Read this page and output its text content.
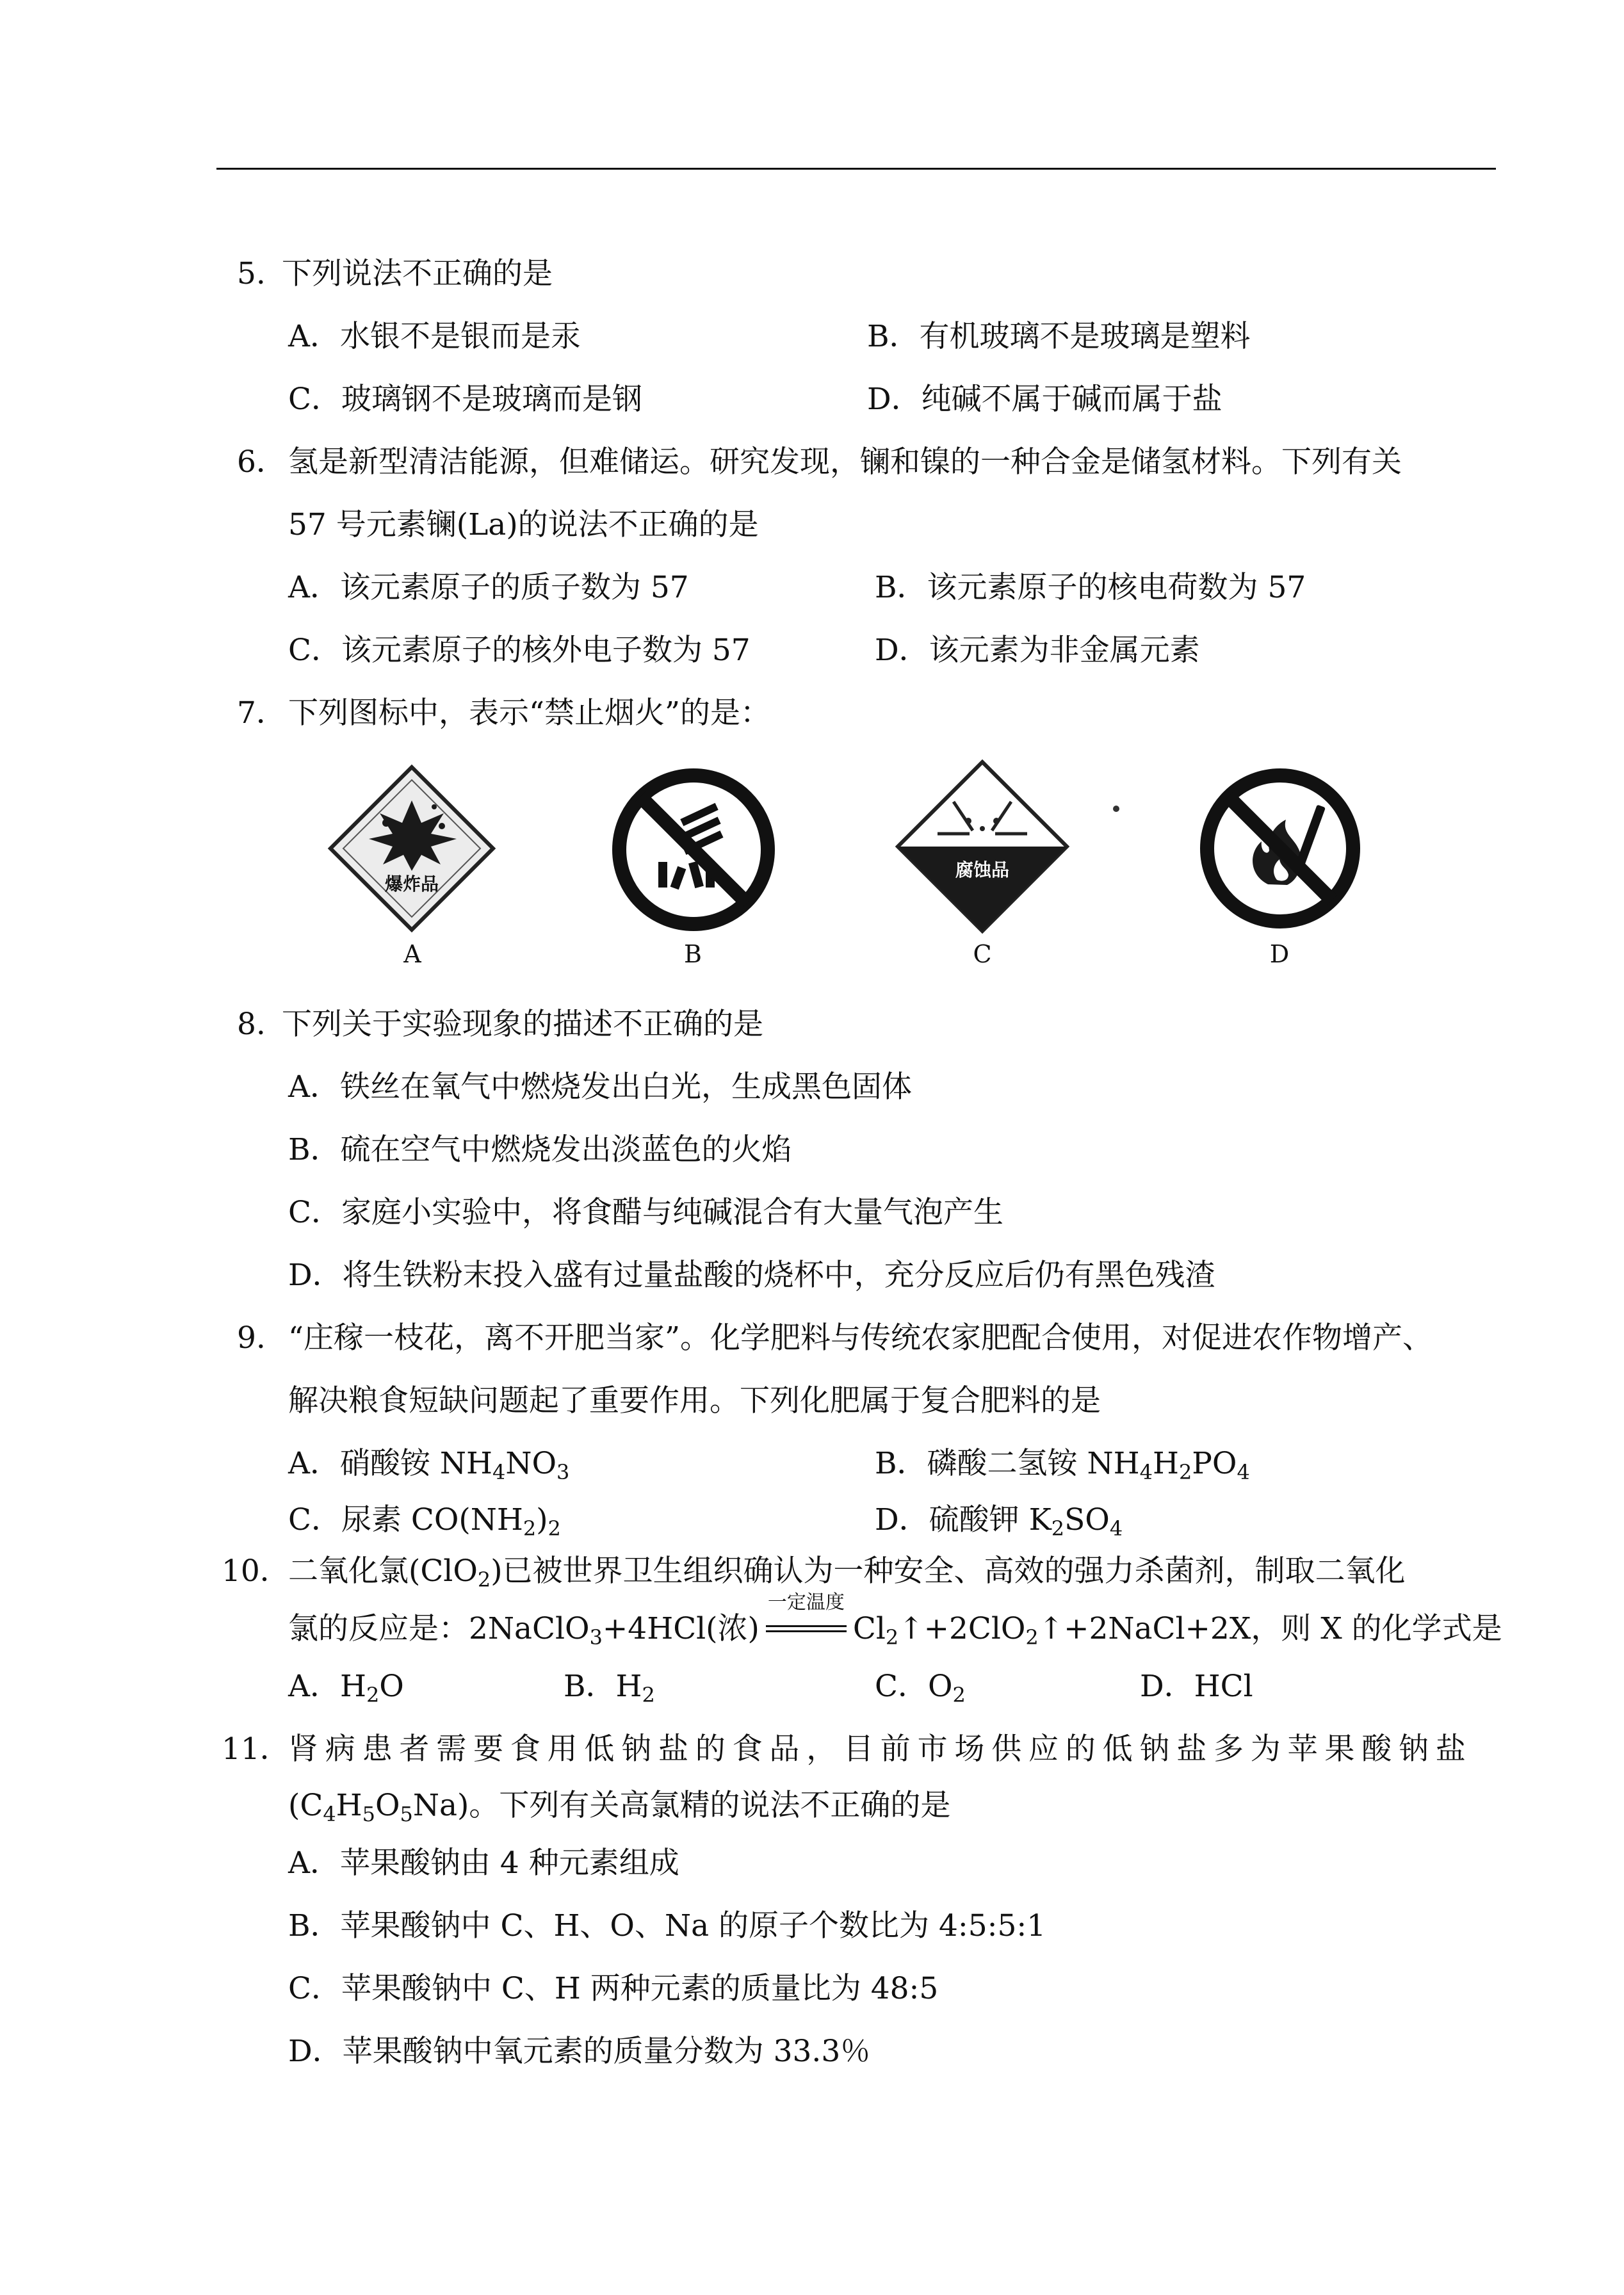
5. 下列说法不正确的是
A．水银不是银而是汞	B．有机玻璃不是玻璃是塑料
C．玻璃钢不是玻璃而是钢	D．纯碱不属于碱而属于盐
6． 氢是新型清洁能源，但难储运。研究发现，镧和镍的一种合金是储氢材料。下列有关
57 号元素镧(La)的说法不正确的是
A．该元素原子的质子数为 57	B．该元素原子的核电荷数为 57
C．该元素原子的核外电子数为 57	D．该元素为非金属元素
7． 下列图标中，表示“禁止烟火”的是：
爆炸品
A	B
腐蚀品
C	D
8. 下列关于实验现象的描述不正确的是
A．铁丝在氧气中燃烧发出白光，生成黑色固体
B．硫在空气中燃烧发出淡蓝色的火焰
C．家庭小实验中，将食醋与纯碱混合有大量气泡产生
D．将生铁粉末投入盛有过量盐酸的烧杯中，充分反应后仍有黑色残渣
9. “庄稼一枝花，离不开肥当家”。化学肥料与传统农家肥配合使用，对促进农作物增产、
解决粮食短缺问题起了重要作用。下列化肥属于复合肥料的是
A．硝酸铵 $NH_4NO_3$	B．磷酸二氢铵 $NH_4H_2PO_4$
C．尿素 $CO(NH_2)_2$	D．硫酸钾 $K_2SO_4$
10．
二氧化氯(ClO$_2$)已被世界卫生组织确认为一种安全、高效的强力杀菌剂，制取二氧化
氯的反应是：2NaClO$_3$+4HCl(浓)
一定温度
$Cl_2↑+2ClO_2↑+2NaCl+2X$，则 X 的化学式是
A．$H_2O$	B．$H_2$	C．$O_2$	D．HCl
11．
肾病患者需要食用低钠盐的食品，目前市场供应的低钠盐多为苹果酸钠盐
$(C_4H_5O_5Na)$。下列有关高氯精的说法不正确的是
A．苹果酸钠由 4 种元素组成
B．苹果酸钠中 C、H、O、Na 的原子个数比为 4:5:5:1
C．苹果酸钠中 C、H 两种元素的质量比为 48:5
D．苹果酸钠中氧元素的质量分数为 33.3％
